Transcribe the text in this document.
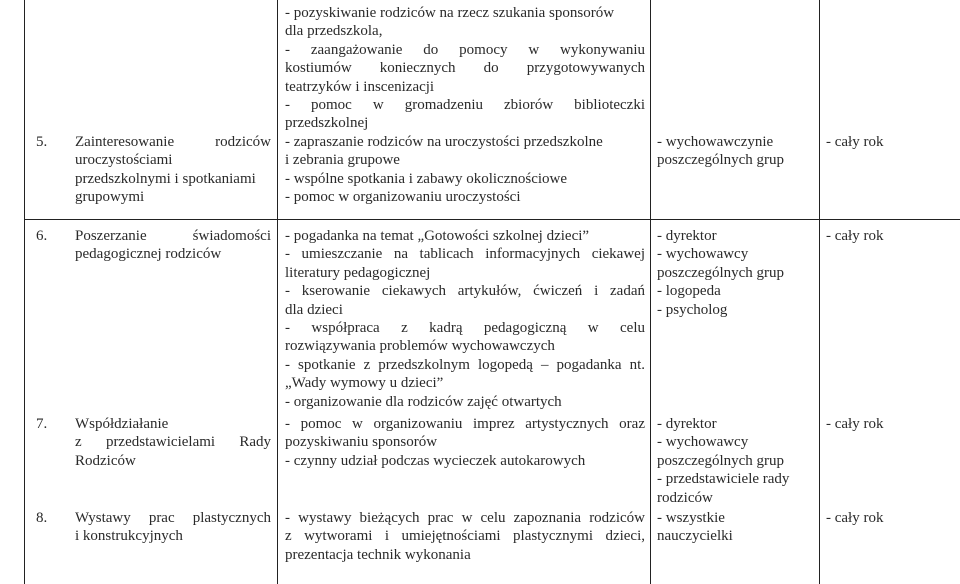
5. Zainteresowanie rodziców
uroczystościami
przedszkolnymi i spotkaniami
grupowymi
- pozyskiwanie rodziców na rzecz szukania sponsorów
dla przedszkola,
- zaangażowanie do pomocy w wykonywaniu
kostiumów koniecznych do przygotowywanych
teatrzyków i inscenizacji
- pomoc w gromadzeniu zbiorów biblioteczki
przedszkolnej
- zapraszanie rodziców na uroczystości przedszkolne
i zebrania grupowe
- wspólne spotkania i zabawy okolicznościowe
- pomoc w organizowaniu uroczystości
- wychowawczynie
poszczególnych grup
- cały rok
6. Poszerzanie świadomości
pedagogicznej rodziców
- pogadanka na temat „Gotowości szkolnej dzieci”
- umieszczanie na tablicach informacyjnych ciekawej
literatury pedagogicznej
- kserowanie ciekawych artykułów, ćwiczeń i zadań
dla dzieci
- współpraca z kadrą pedagogiczną w celu
rozwiązywania problemów wychowawczych
- spotkanie z przedszkolnym logopedą – pogadanka nt.
„Wady wymowy u dzieci”
- organizowanie dla rodziców zajęć otwartych
- dyrektor
- wychowawcy
poszczególnych grup
- logopeda
- psycholog
- cały rok
7. Współdziałanie
z przedstawicielami Rady
Rodziców
- pomoc w organizowaniu imprez artystycznych oraz
pozyskiwaniu sponsorów
- czynny udział podczas wycieczek autokarowych
- dyrektor
- wychowawcy
poszczególnych grup
- przedstawiciele rady
rodziców
- cały rok
8. Wystawy prac plastycznych
i konstrukcyjnych
- wystawy bieżących prac w celu zapoznania rodziców
z wytworami i umiejętnościami plastycznymi dzieci,
prezentacja technik wykonania
- wszystkie
nauczycielki
- cały rok
